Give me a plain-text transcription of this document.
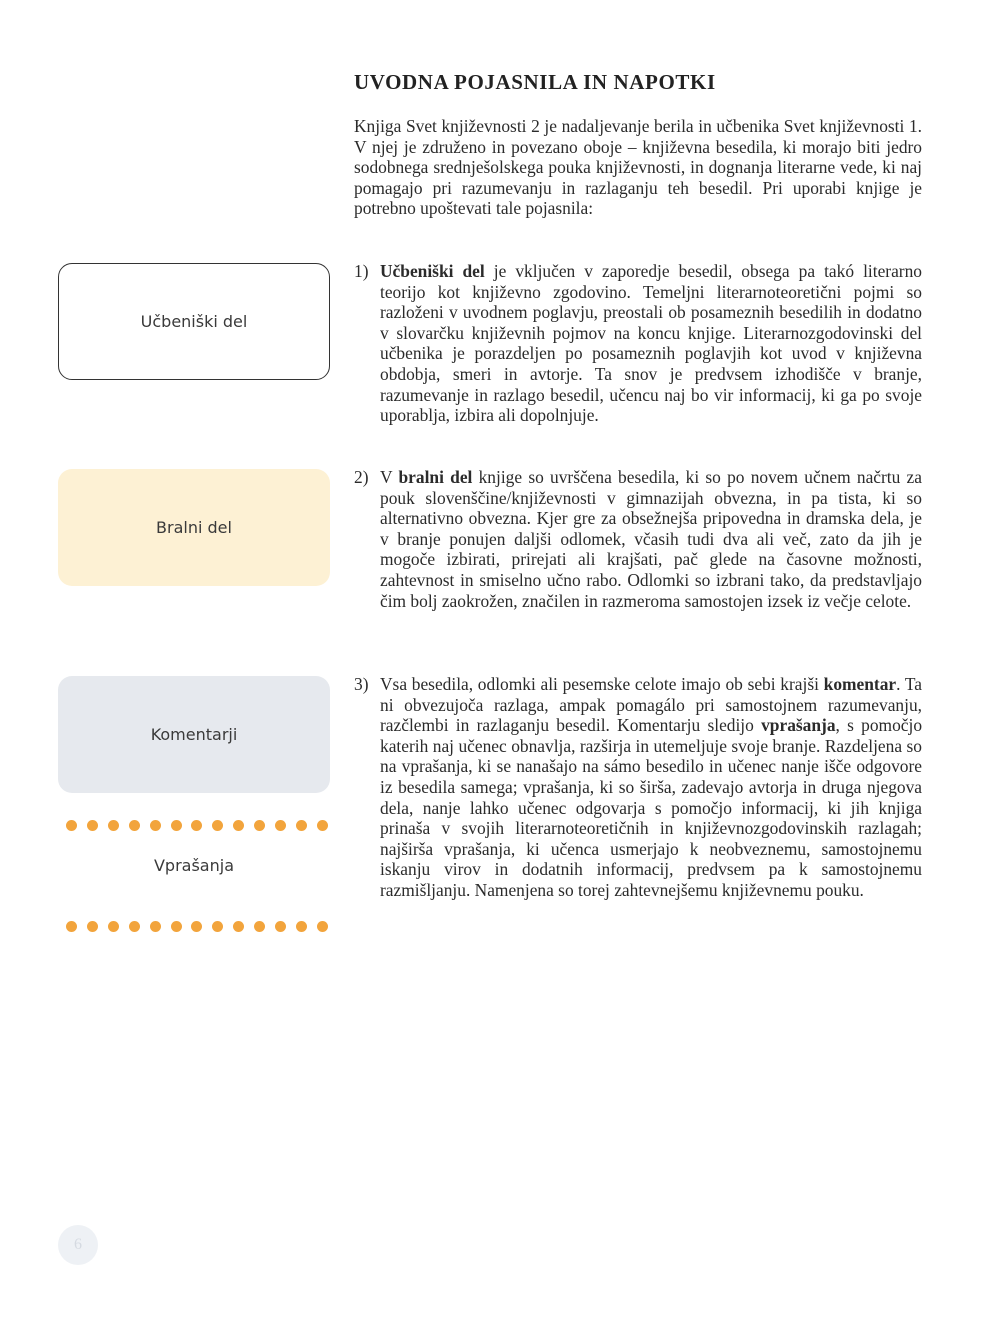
UVODNA POJASNILA IN NAPOTKI

Knjiga Svet književnosti 2 je nadaljevanje berila in učbenika Svet književnosti 1. V njej je združeno in povezano oboje – književna besedila, ki morajo biti jedro sodobnega srednješolskega pouka književnosti, in dognanja literarne vede, ki naj pomagajo pri razumevanju in razlaganju teh besedil. Pri uporabi knjige je potrebno upoštevati tale pojasnila:

Učbeniški del
Bralni del
Komentarji
Vprašanja

1) Učbeniški del je vključen v zaporedje besedil, obsega pa takó literarno teorijo kot književno zgodovino. Temeljni literarnoteoretični pojmi so razloženi v uvodnem poglavju, preostali ob posameznih besedilih in dodatno v slovarčku književnih pojmov na koncu knjige. Literarnozgodovinski del učbenika je porazdeljen po posameznih poglavjih kot uvod v književna obdobja, smeri in avtorje. Ta snov je predvsem izhodišče v branje, razumevanje in razlago besedil, učencu naj bo vir informacij, ki ga po svoje uporablja, izbira ali dopolnjuje.

2) V bralni del knjige so uvrščena besedila, ki so po novem učnem načrtu za pouk slovenščine/književnosti v gimnazijah obvezna, in pa tista, ki so alternativno obvezna. Kjer gre za obsežnejša pripovedna in dramska dela, je v branje ponujen daljši odlomek, včasih tudi dva ali več, zato da jih je mogoče izbirati, prirejati ali krajšati, pač glede na časovne možnosti, zahtevnost in smiselno učno rabo. Odlomki so izbrani tako, da predstavljajo čim bolj zaokrožen, značilen in razmeroma samostojen izsek iz večje celote.

3) Vsa besedila, odlomki ali pesemske celote imajo ob sebi krajši komentar. Ta ni obvezujoča razlaga, ampak pomagálo pri samostojnem razumevanju, razčlembi in razlaganju besedil. Komentarju sledijo vprašanja, s pomočjo katerih naj učenec obnavlja, razširja in utemeljuje svoje branje. Razdeljena so na vprašanja, ki se nanašajo na sámo besedilo in učenec nanje išče odgovore iz besedila samega; vprašanja, ki so širša, zadevajo avtorja in druga njegova dela, nanje lahko učenec odgovarja s pomočjo informacij, ki jih knjiga prinaša v svojih literarnoteoretičnih in književnozgodovinskih razlagah; najširša vprašanja, ki učenca usmerjajo k neobveznemu, samostojnemu iskanju virov in dodatnih informacij, predvsem pa k samostojnemu razmišljanju. Namenjena so torej zahtevnejšemu književnemu pouku.

6
